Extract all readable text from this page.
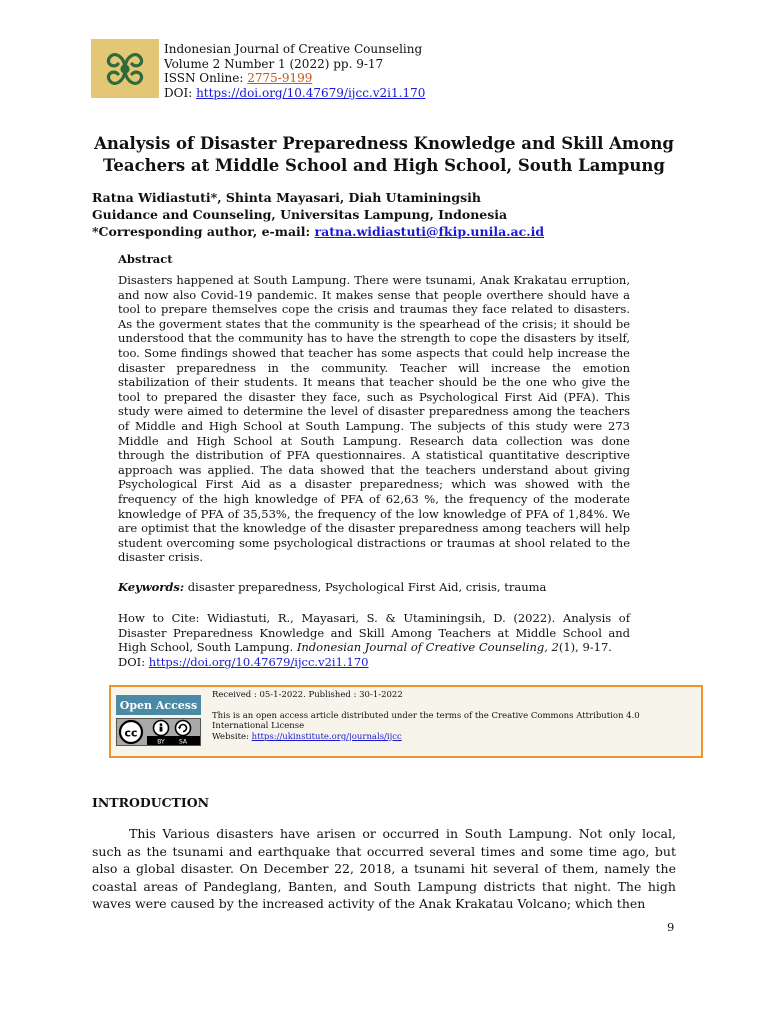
Indonesian Journal of Creative Counseling
Volume 2 Number 1 (2022) pp. 9-17
ISSN Online: 2775-9199
DOI: https://doi.org/10.47679/ijcc.v2i1.170
Analysis of Disaster Preparedness Knowledge and Skill Among Teachers at Middle School and High School, South Lampung
Ratna Widiastuti*, Shinta Mayasari, Diah Utaminingsih
Guidance and Counseling, Universitas Lampung, Indonesia
*Corresponding author, e-mail: ratna.widiastuti@fkip.unila.ac.id
Abstract
Disasters happened at South Lampung. There were tsunami, Anak Krakatau erruption, and now also Covid-19 pandemic. It makes sense that people overthere should have a tool to prepare themselves cope the crisis and traumas they face related to disasters. As the goverment states that the community is the spearhead of the crisis; it should be understood that the community has to have the strength to cope the disasters by itself, too. Some findings showed that teacher has some aspects that could help increase the disaster preparedness in the community. Teacher will increase the emotion stabilization of their students. It means that teacher should be the one who give the tool to prepared the disaster they face, such as Psychological First Aid (PFA). This study were aimed to determine the level of disaster preparedness among the teachers of Middle and High School at South Lampung. The subjects of this study were 273 Middle and High School at South Lampung. Research data collection was done through the distribution of PFA questionnaires. A statistical quantitative descriptive approach was applied. The data showed that the teachers understand about giving Psychological First Aid as a disaster preparedness; which was showed with the frequency of the high knowledge of PFA of 62,63 %, the frequency of the moderate knowledge of PFA of 35,53%, the frequency of the low knowledge of PFA of 1,84%. We are optimist that the knowledge of the disaster preparedness among teachers will help student overcoming some psychological distractions or traumas at shool related to the disaster crisis.
Keywords: disaster preparedness, Psychological First Aid, crisis, trauma
How to Cite: Widiastuti, R., Mayasari, S. & Utaminingsih, D. (2022). Analysis of Disaster Preparedness Knowledge and Skill Among Teachers at Middle School and High School, South Lampung. Indonesian Journal of Creative Counseling, 2(1), 9-17.
DOI: https://doi.org/10.47679/ijcc.v2i1.170
Open Access
cc
BY SA
Received : 05-1-2022. Published : 30-1-2022
This is an open access article distributed under the terms of the Creative Commons Attribution 4.0 International License
Website: https://ukinstitute.org/journals/ijcc
INTRODUCTION
This Various disasters have arisen or occurred in South Lampung. Not only local, such as the tsunami and earthquake that occurred several times and some time ago, but also a global disaster. On December 22, 2018, a tsunami hit several of them, namely the coastal areas of Pandeglang, Banten, and South Lampung districts that night. The high waves were caused by the increased activity of the Anak Krakatau Volcano; which then
9
